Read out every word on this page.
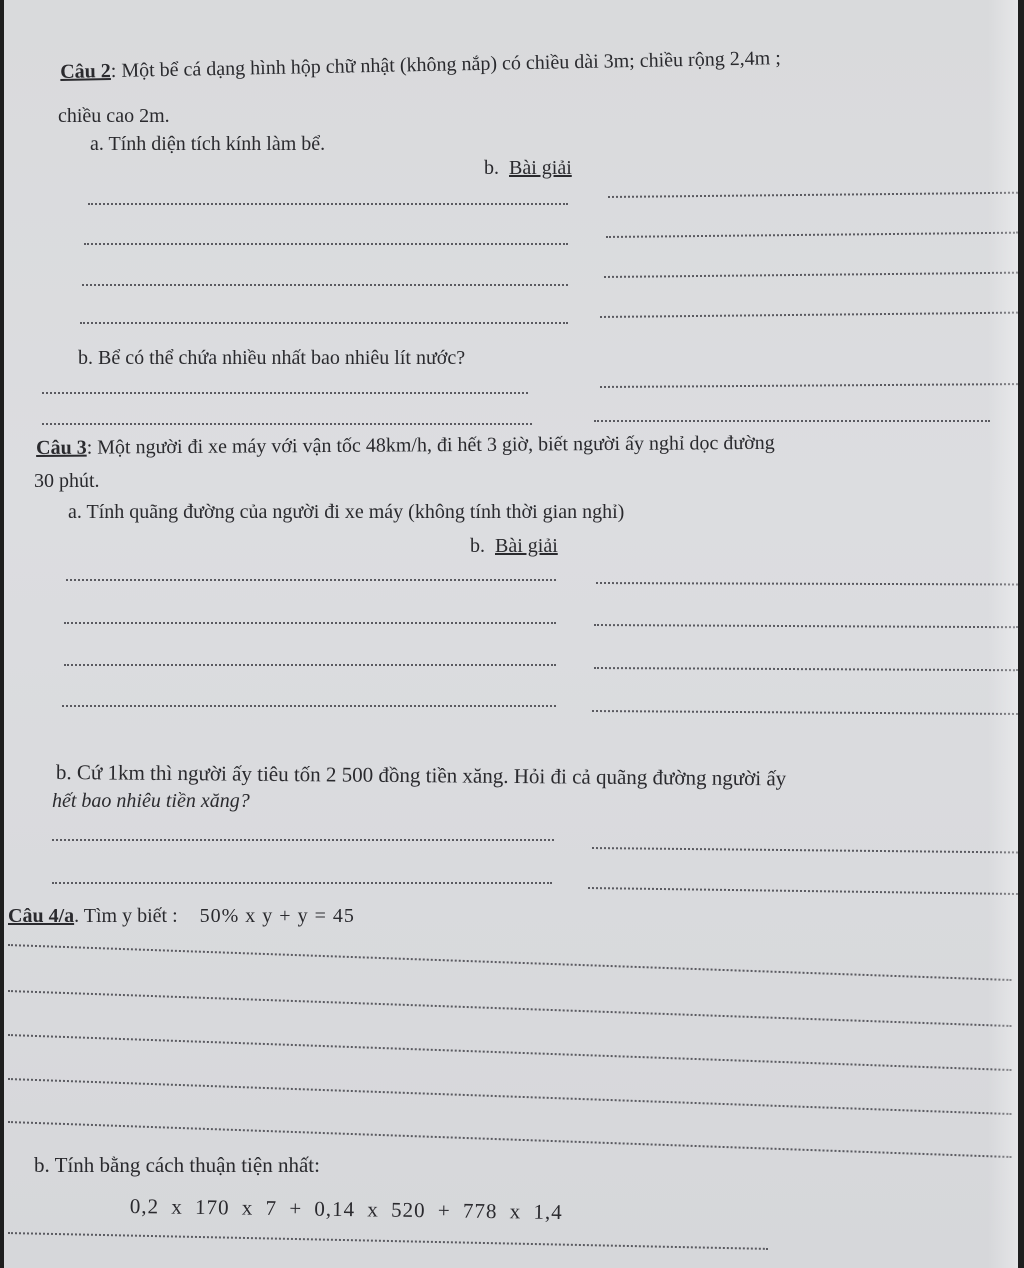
Câu 2: Một bể cá dạng hình hộp chữ nhật (không nắp) có chiều dài 3m; chiều rộng 2,4m ;
chiều cao 2m.
a. Tính diện tích kính làm bể.
b. Bài giải
b. Bể có thể chứa nhiều nhất bao nhiêu lít nước?
Câu 3: Một người đi xe máy với vận tốc 48km/h, đi hết 3 giờ, biết người ấy nghỉ dọc đường
30 phút.
a. Tính quãng đường của người đi xe máy (không tính thời gian nghỉ)
b. Bài giải
b. Cứ 1km thì người ấy tiêu tốn 2 500 đồng tiền xăng. Hỏi đi cả quãng đường người ấy
hết bao nhiêu tiền xăng?
Câu 4/a. Tìm y biết : 50% x y + y = 45
b. Tính bằng cách thuận tiện nhất:
0,2 x 170 x 7 + 0,14 x 520 + 778 x 1,4
